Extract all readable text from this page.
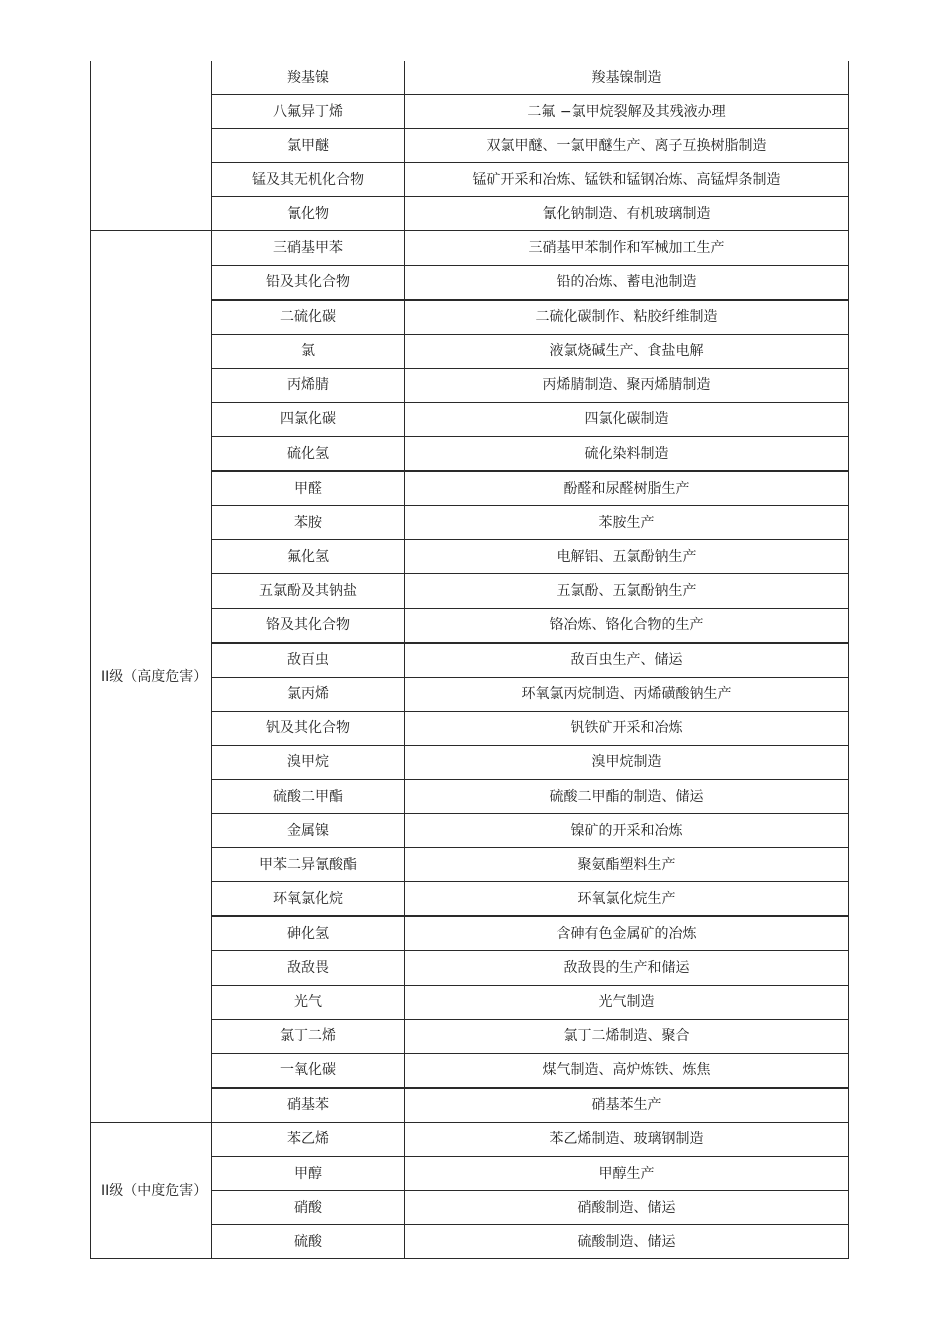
	羧基镍	羧基镍制造
	八氟异丁烯	二氟 −氯甲烷裂解及其残液办理
	氯甲醚	双氯甲醚、一氯甲醚生产、离子互换树脂制造
	锰及其无机化合物	锰矿开采和冶炼、锰铁和锰钢冶炼、高锰焊条制造
	氰化物	氰化钠制造、有机玻璃制造
II级（高度危害）	三硝基甲苯	三硝基甲苯制作和军械加工生产
	铅及其化合物	铅的冶炼、蓄电池制造
	二硫化碳	二硫化碳制作、粘胶纤维制造
	氯	液氯烧碱生产、食盐电解
	丙烯腈	丙烯腈制造、聚丙烯腈制造
	四氯化碳	四氯化碳制造
	硫化氢	硫化染料制造
	甲醛	酚醛和尿醛树脂生产
	苯胺	苯胺生产
	氟化氢	电解铝、五氯酚钠生产
	五氯酚及其钠盐	五氯酚、五氯酚钠生产
	铬及其化合物	铬冶炼、铬化合物的生产
	敌百虫	敌百虫生产、储运
	氯丙烯	环氧氯丙烷制造、丙烯磺酸钠生产
	钒及其化合物	钒铁矿开采和冶炼
	溴甲烷	溴甲烷制造
	硫酸二甲酯	硫酸二甲酯的制造、储运
	金属镍	镍矿的开采和冶炼
	甲苯二异氰酸酯	聚氨酯塑料生产
	环氧氯化烷	环氧氯化烷生产
	砷化氢	含砷有色金属矿的冶炼
	敌敌畏	敌敌畏的生产和储运
	光气	光气制造
	氯丁二烯	氯丁二烯制造、聚合
	一氧化碳	煤气制造、高炉炼铁、炼焦
	硝基苯	硝基苯生产
II级（中度危害）	苯乙烯	苯乙烯制造、玻璃钢制造
	甲醇	甲醇生产
	硝酸	硝酸制造、储运
	硫酸	硫酸制造、储运
